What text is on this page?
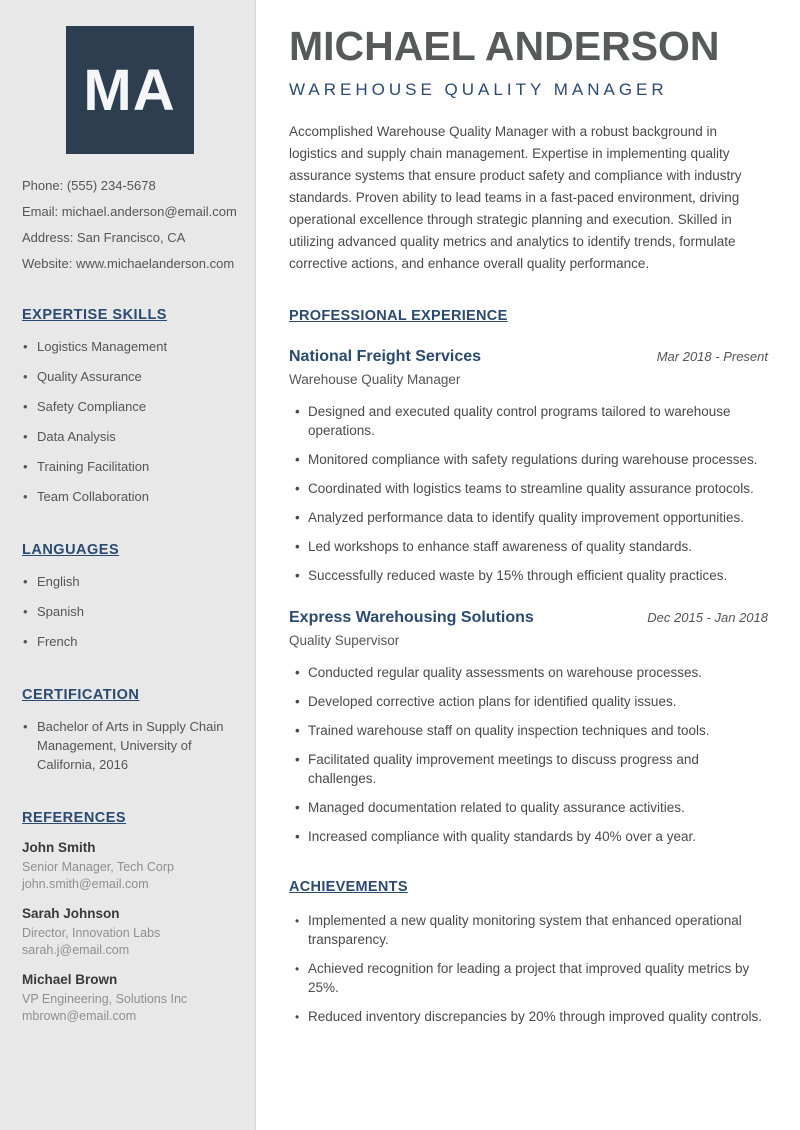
MA

Phone: (555) 234-5678

Email: michael.anderson@email.com

Address: San Francisco, CA

Website: www.michaelanderson.com

EXPERTISE SKILLS
• Logistics Management
• Quality Assurance
• Safety Compliance
• Data Analysis
• Training Facilitation
• Team Collaboration
LANGUAGES
• English
• Spanish
• French
CERTIFICATION
• Bachelor of Arts in Supply Chain Management, University of California, 2016
REFERENCES

John Smith

Senior Manager, Tech Corp

john.smith@email.com

Sarah Johnson

Director, Innovation Labs

sarah.j@email.com

Michael Brown

VP Engineering, Solutions Inc

mbrown@email.com

MICHAEL ANDERSON
WAREHOUSE QUALITY MANAGER

Accomplished Warehouse Quality Manager with a robust background in logistics and supply chain management. Expertise in implementing quality assurance systems that ensure product safety and compliance with industry standards. Proven ability to lead teams in a fast-paced environment, driving operational excellence through strategic planning and execution. Skilled in utilizing advanced quality metrics and analytics to identify trends, formulate corrective actions, and enhance overall quality performance.

PROFESSIONAL EXPERIENCE
National Freight Services	Mar 2018 - Present
Warehouse Quality Manager
• Designed and executed quality control programs tailored to warehouse operations.
• Monitored compliance with safety regulations during warehouse processes.
• Coordinated with logistics teams to streamline quality assurance protocols.
• Analyzed performance data to identify quality improvement opportunities.
• Led workshops to enhance staff awareness of quality standards.
• Successfully reduced waste by 15% through efficient quality practices.
Express Warehousing Solutions	Dec 2015 - Jan 2018
Quality Supervisor
• Conducted regular quality assessments on warehouse processes.
• Developed corrective action plans for identified quality issues.
• Trained warehouse staff on quality inspection techniques and tools.
• Facilitated quality improvement meetings to discuss progress and challenges.
• Managed documentation related to quality assurance activities.
• Increased compliance with quality standards by 40% over a year.
ACHIEVEMENTS
• Implemented a new quality monitoring system that enhanced operational transparency.
• Achieved recognition for leading a project that improved quality metrics by 25%.
• Reduced inventory discrepancies by 20% through improved quality controls.
